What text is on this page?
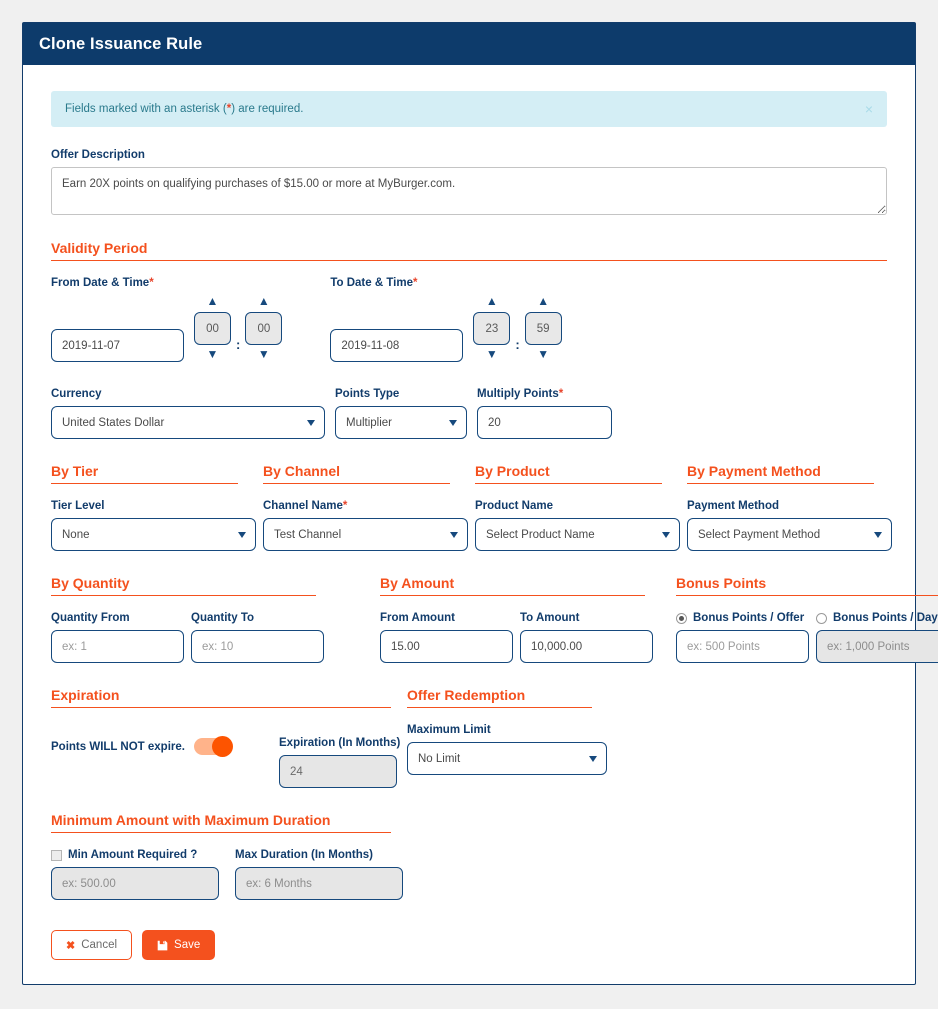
Clone Issuance Rule
Fields marked with an asterisk (*) are required.	×
Offer Description
Earn 20X points on qualifying purchases of $15.00 or more at MyBurger.com.
Validity Period
From Date & Time*
2019-11-07
▲
00
▼
:
▲
00
▼
To Date & Time*
2019-11-08
▲
23
▼
:
▲
59
▼
Currency
United States Dollar	Points Type
Multiplier	Multiply Points*
20
By Tier
Tier Level
None
By Channel
Channel Name*
Test Channel
By Product
Product Name
Select Product Name
By Payment Method
Payment Method
Select Payment Method
By Quantity
Quantity From
ex: 1	Quantity To
ex: 10
By Amount
From Amount
15.00	To Amount
10,000.00
Bonus Points
Bonus Points / Offer
ex: 500 Points	Bonus Points / Day
ex: 1,000 Points
Expiration
Points WILL NOT expire.	Expiration (In Months)
24
Offer Redemption
Maximum Limit
No Limit
Minimum Amount with Maximum Duration
Min Amount Required ?
ex: 500.00	Max Duration (In Months)
ex: 6 Months
✖ Cancel	Save
